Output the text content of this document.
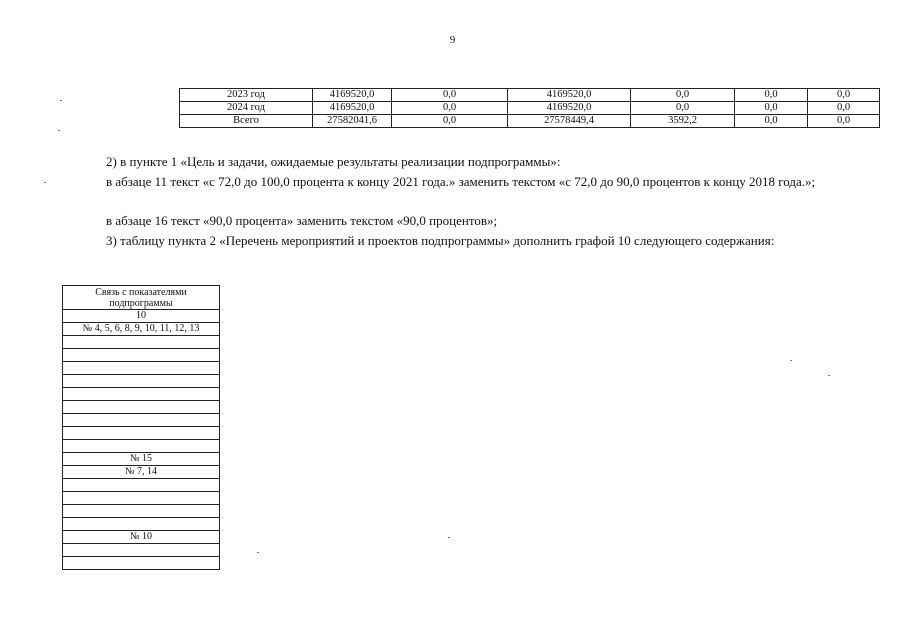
9
	2023 год	4169520,0	0,0	4169520,0	0,0	0,0	0,0
	2024 год	4169520,0	0,0	4169520,0	0,0	0,0	0,0
	Всего	27582041,6	0,0	27578449,4	3592,2	0,0	0,0

2) в пункте 1 «Цель и задачи, ожидаемые результаты реализации подпрограммы»:

в абзаце 11 текст «с 72,0 до 100,0 процента к концу 2021 года.» заменить текстом «с 72,0 до 90,0 процентов к концу 2018 года.»;

в абзаце 16 текст «90,0 процента» заменить текстом «90,0 процентов»;

3) таблицу пункта 2 «Перечень мероприятий и проектов подпрограммы» дополнить графой 10 следующего содержания:

Связь с показателями подпрограммы
10
№ 4, 5, 6, 8, 9, 10, 11, 12, 13

№ 15
№ 7, 14

№ 10
